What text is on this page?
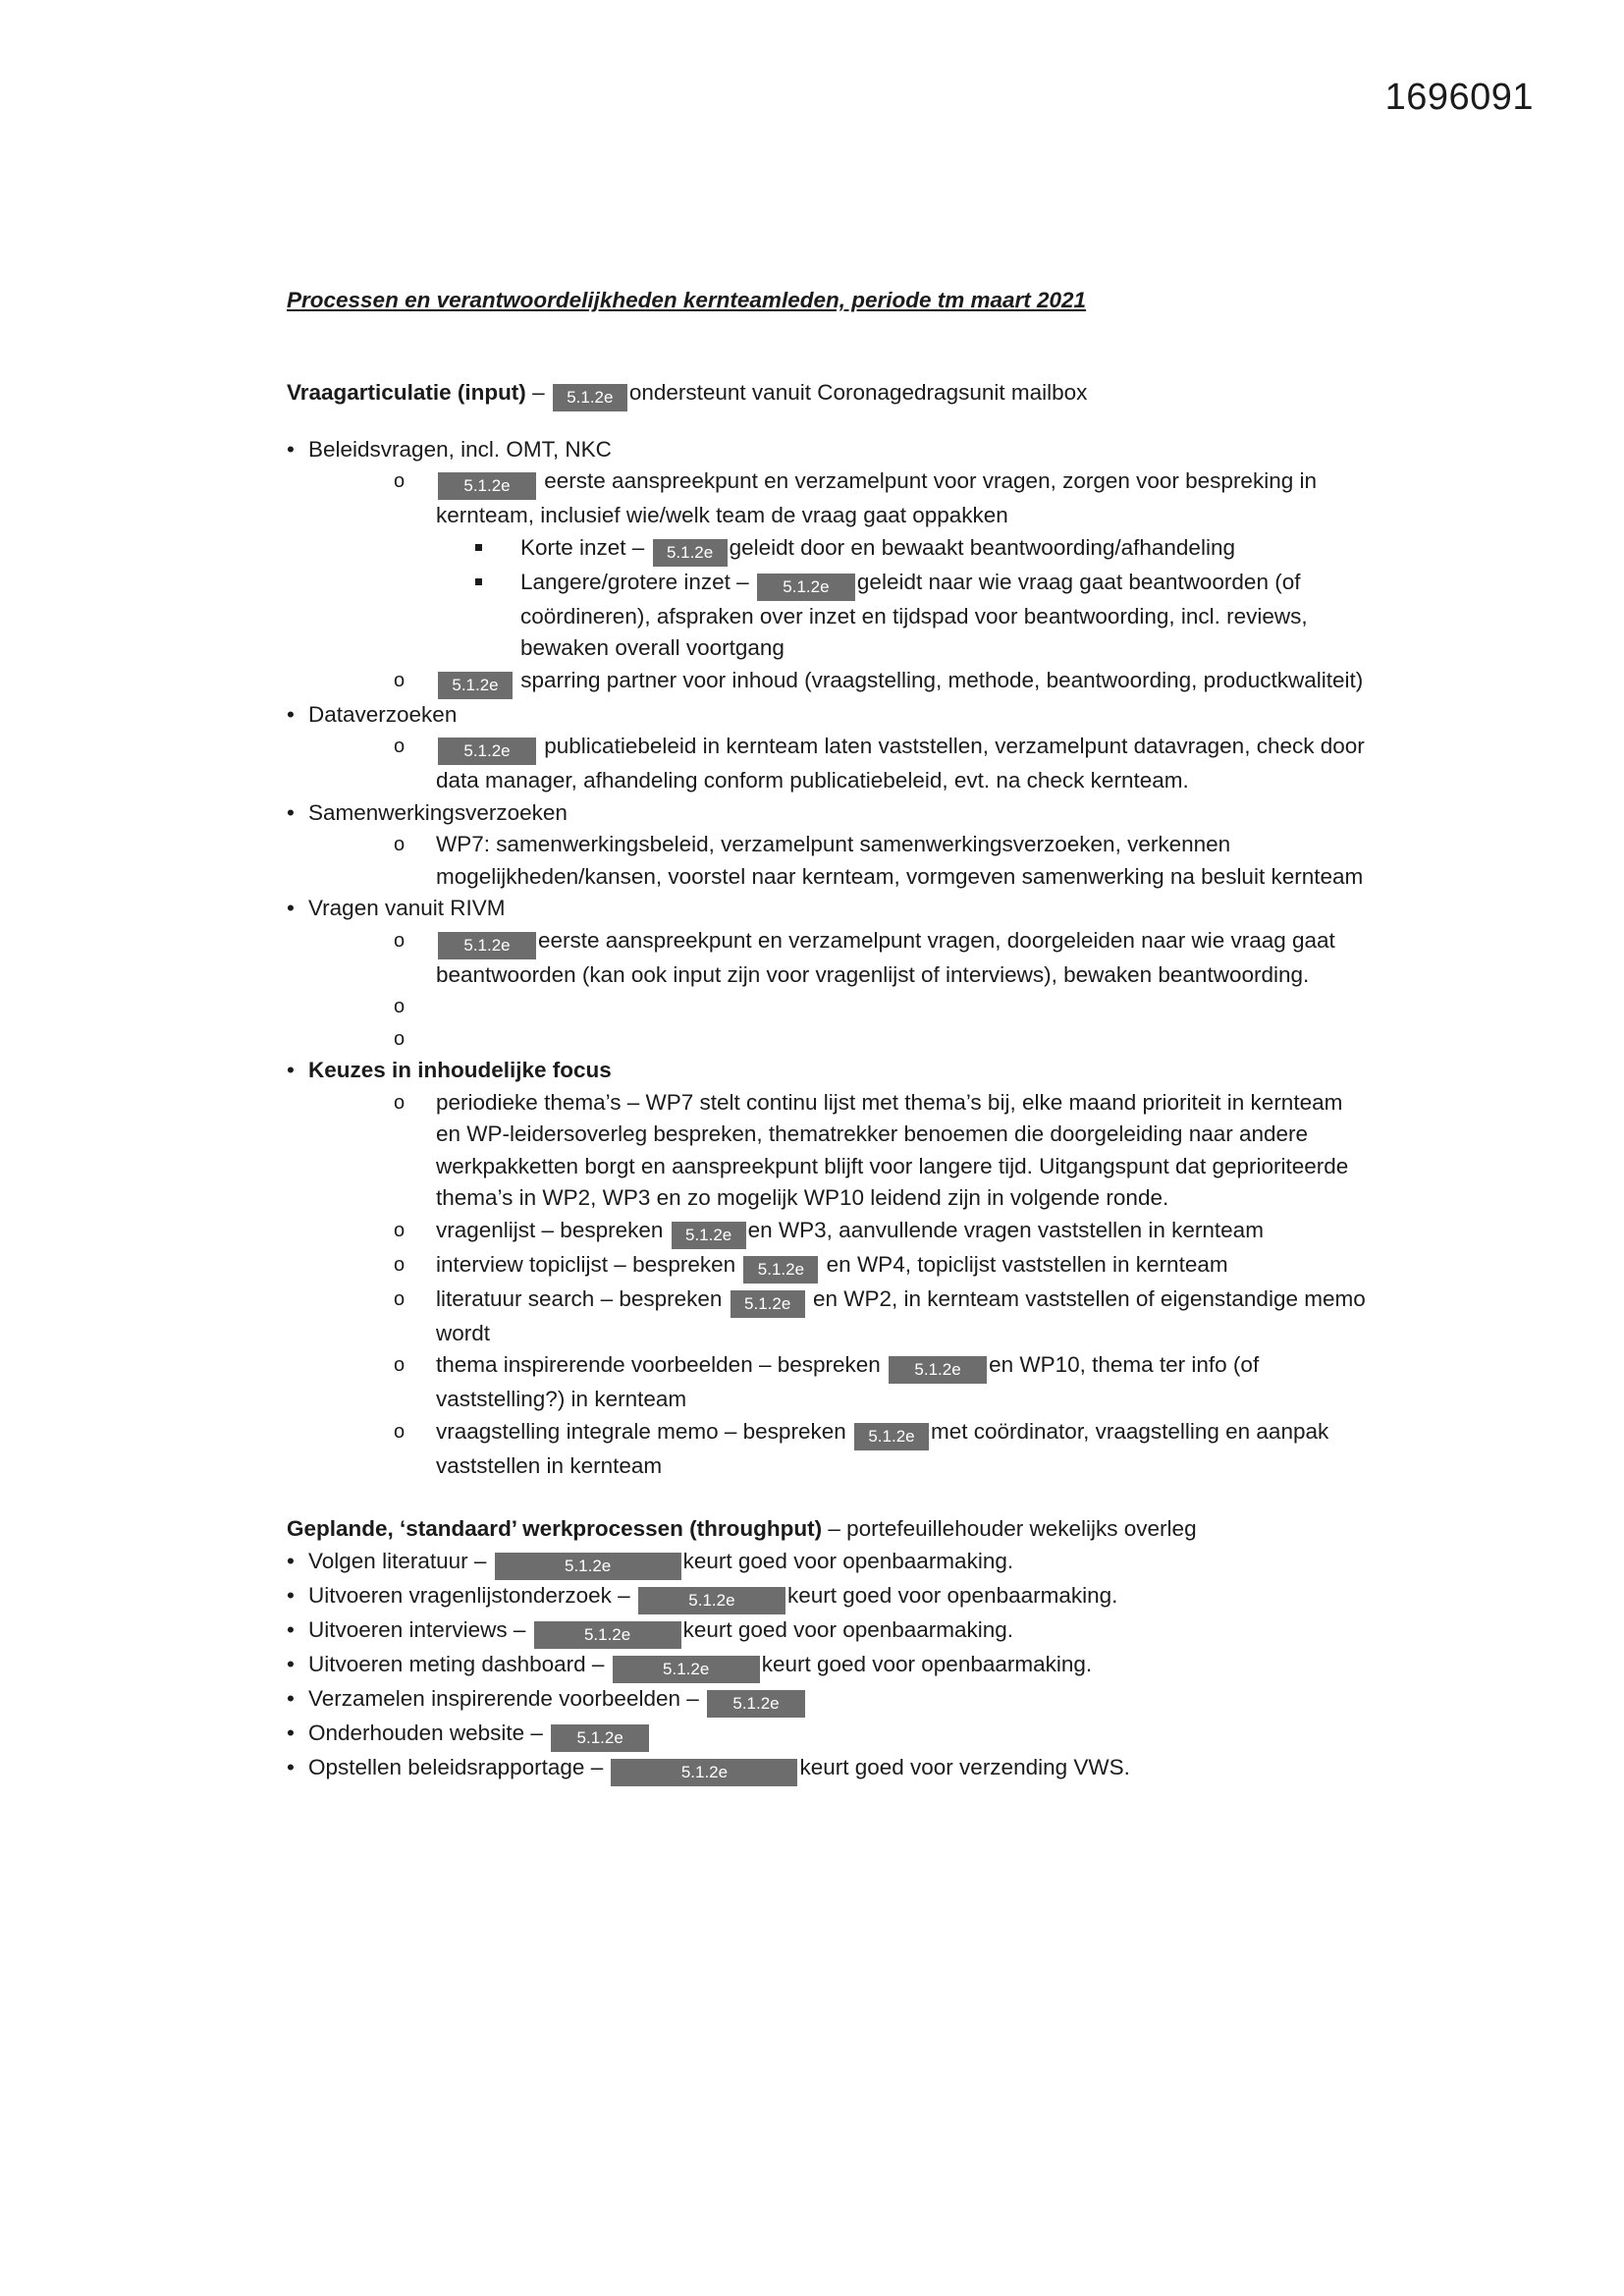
1696091
Processen en verantwoordelijkheden kernteamleden, periode tm maart 2021
Vraagarticulatie (input) – 5.1.2e ondersteunt vanuit Coronagedragsunit mailbox
• Beleidsvragen, incl. OMT, NKC
o 5.1.2e eerste aanspreekpunt en verzamelpunt voor vragen, zorgen voor bespreking in kernteam, inclusief wie/welk team de vraag gaat oppakken
Korte inzet – 5.1.2e geleidt door en bewaakt beantwoording/afhandeling
Langere/grotere inzet – 5.1.2e geleidt naar wie vraag gaat beantwoorden (of coördineren), afspraken over inzet en tijdspad voor beantwoording, incl. reviews, bewaken overall voortgang
o 5.1.2e sparring partner voor inhoud (vraagstelling, methode, beantwoording, productkwaliteit)
• Dataverzoeken
o 5.1.2e publicatiebeleid in kernteam laten vaststellen, verzamelpunt datavragen, check door data manager, afhandeling conform publicatiebeleid, evt. na check kernteam.
• Samenwerkingsverzoeken
o WP7: samenwerkingsbeleid, verzamelpunt samenwerkingsverzoeken, verkennen mogelijkheden/kansen, voorstel naar kernteam, vormgeven samenwerking na besluit kernteam
• Vragen vanuit RIVM
o 5.1.2e eerste aanspreekpunt en verzamelpunt vragen, doorgeleiden naar wie vraag gaat beantwoorden (kan ook input zijn voor vragenlijst of interviews), bewaken beantwoording.
o
o
• Keuzes in inhoudelijke focus
o periodieke thema’s – WP7 stelt continu lijst met thema’s bij, elke maand prioriteit in kernteam en WP-leidersoverleg bespreken, thematrekker benoemen die doorgeleiding naar andere werkpakketten borgt en aanspreekpunt blijft voor langere tijd. Uitgangspunt dat geprioriteerde thema’s in WP2, WP3 en zo mogelijk WP10 leidend zijn in volgende ronde.
o vragenlijst – bespreken 5.1.2e en WP3, aanvullende vragen vaststellen in kernteam
o interview topiclijst – bespreken 5.1.2e en WP4, topiclijst vaststellen in kernteam
o literatuur search – bespreken 5.1.2e en WP2, in kernteam vaststellen of eigenstandige memo wordt
o thema inspirerende voorbeelden – bespreken 5.1.2e en WP10, thema ter info (of vaststelling?) in kernteam
o vraagstelling integrale memo – bespreken 5.1.2e met coördinator, vraagstelling en aanpak vaststellen in kernteam
Geplande, ‘standaard’ werkprocessen (throughput) – portefeuillehouder wekelijks overleg
• Volgen literatuur –	5.1.2e	keurt goed voor openbaarmaking.
• Uitvoeren vragenlijstonderzoek –	5.1.2e keurt goed voor openbaarmaking.
• Uitvoeren interviews –	5.1.2e keurt goed voor openbaarmaking.
• Uitvoeren meting dashboard –	5.1.2e keurt goed voor openbaarmaking.
• Verzamelen inspirerende voorbeelden – 5.1.2e
• Onderhouden website – 5.1.2e
• Opstellen beleidsrapportage –	5.1.2e	keurt goed voor verzending VWS.
